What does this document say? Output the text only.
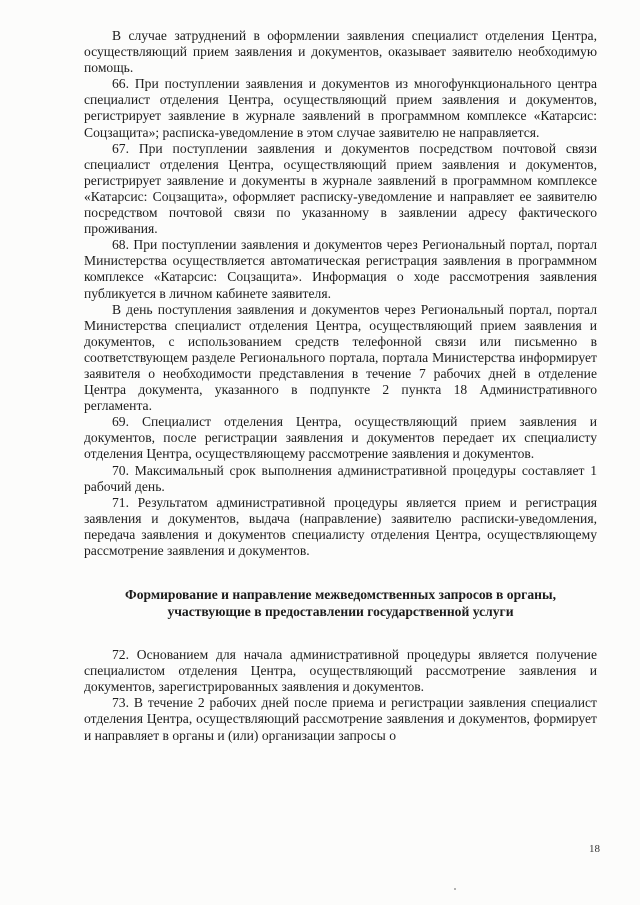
В случае затруднений в оформлении заявления специалист отделения Центра, осуществляющий прием заявления и документов, оказывает заявителю необходимую помощь.

66. При поступлении заявления и документов из многофункционального центра специалист отделения Центра, осуществляющий прием заявления и документов, регистрирует заявление в журнале заявлений в программном комплексе «Катарсис: Соцзащита»; расписка-уведомление в этом случае заявителю не направляется.

67. При поступлении заявления и документов посредством почтовой связи специалист отделения Центра, осуществляющий прием заявления и документов, регистрирует заявление и документы в журнале заявлений в программном комплексе «Катарсис: Соцзащита», оформляет расписку-уведомление и направляет ее заявителю посредством почтовой связи по указанному в заявлении адресу фактического проживания.

68. При поступлении заявления и документов через Региональный портал, портал Министерства осуществляется автоматическая регистрация заявления в программном комплексе «Катарсис: Соцзащита». Информация о ходе рассмотрения заявления публикуется в личном кабинете заявителя.

В день поступления заявления и документов через Региональный портал, портал Министерства специалист отделения Центра, осуществляющий прием заявления и документов, с использованием средств телефонной связи или письменно в соответствующем разделе Регионального портала, портала Министерства информирует заявителя о необходимости представления в течение 7 рабочих дней в отделение Центра документа, указанного в подпункте 2 пункта 18 Административного регламента.

69. Специалист отделения Центра, осуществляющий прием заявления и документов, после регистрации заявления и документов передает их специалисту отделения Центра, осуществляющему рассмотрение заявления и документов.

70. Максимальный срок выполнения административной процедуры составляет 1 рабочий день.

71. Результатом административной процедуры является прием и регистрация заявления и документов, выдача (направление) заявителю расписки-уведомления, передача заявления и документов специалисту отделения Центра, осуществляющему рассмотрение заявления и документов.

Формирование и направление межведомственных запросов в органы,
участвующие в предоставлении государственной услуги

72. Основанием для начала административной процедуры является получение специалистом отделения Центра, осуществляющий рассмотрение заявления и документов, зарегистрированных заявления и документов.

73. В течение 2 рабочих дней после приема и регистрации заявления специалист отделения Центра, осуществляющий рассмотрение заявления и документов, формирует и направляет в органы и (или) организации запросы о

18
